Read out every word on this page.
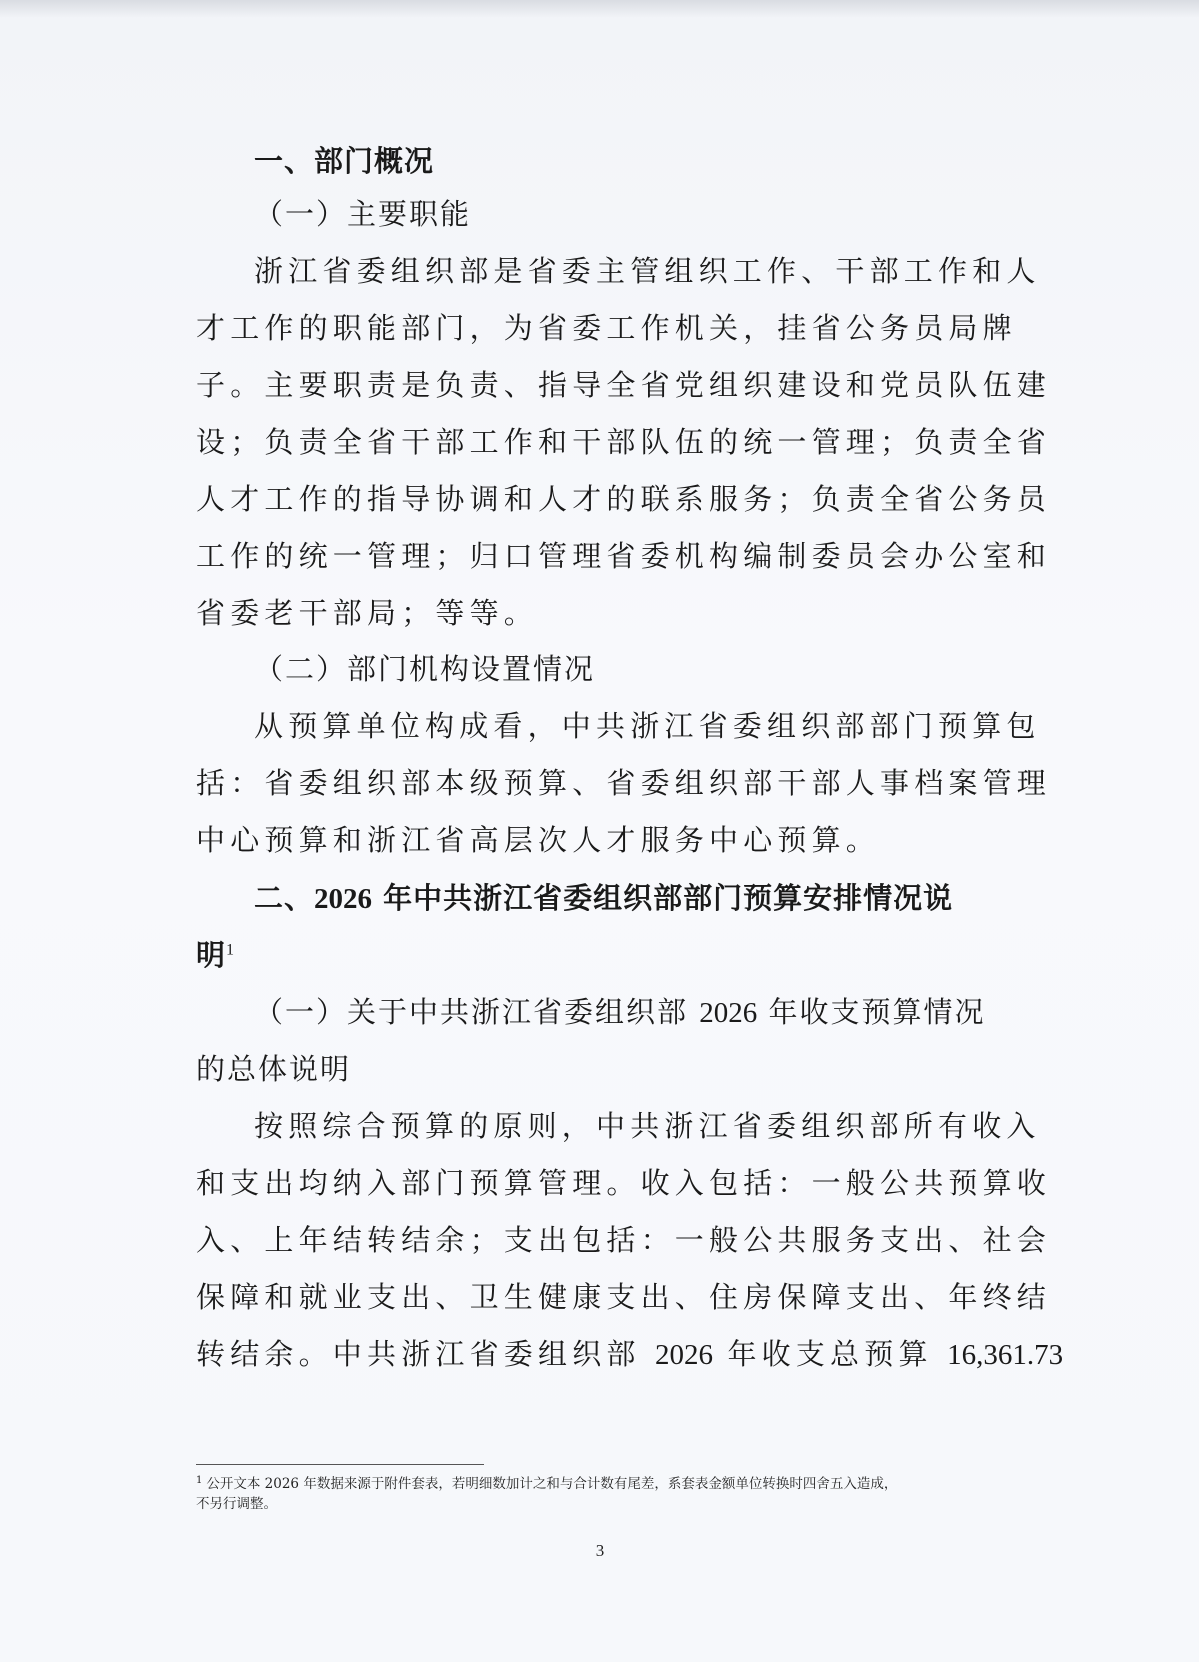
一、部门概况
（一）主要职能
浙江省委组织部是省委主管组织工作、干部工作和人
才工作的职能部门，为省委工作机关，挂省公务员局牌
子。主要职责是负责、指导全省党组织建设和党员队伍建
设；负责全省干部工作和干部队伍的统一管理；负责全省
人才工作的指导协调和人才的联系服务；负责全省公务员
工作的统一管理；归口管理省委机构编制委员会办公室和
省委老干部局；等等。
（二）部门机构设置情况
从预算单位构成看，中共浙江省委组织部部门预算包
括：省委组织部本级预算、省委组织部干部人事档案管理
中心预算和浙江省高层次人才服务中心预算。
二、2026 年中共浙江省委组织部部门预算安排情况说
明$^1$
（一）关于中共浙江省委组织部 2026 年收支预算情况
的总体说明
按照综合预算的原则，中共浙江省委组织部所有收入
和支出均纳入部门预算管理。收入包括：一般公共预算收
入、上年结转结余；支出包括：一般公共服务支出、社会
保障和就业支出、卫生健康支出、住房保障支出、年终结
转结余。中共浙江省委组织部 2026 年收支总预算 16,361.73
$^1$ 公开文本 2026 年数据来源于附件套表，若明细数加计之和与合计数有尾差，系套表金额单位转换时四舍五入造成，
不另行调整。
3
